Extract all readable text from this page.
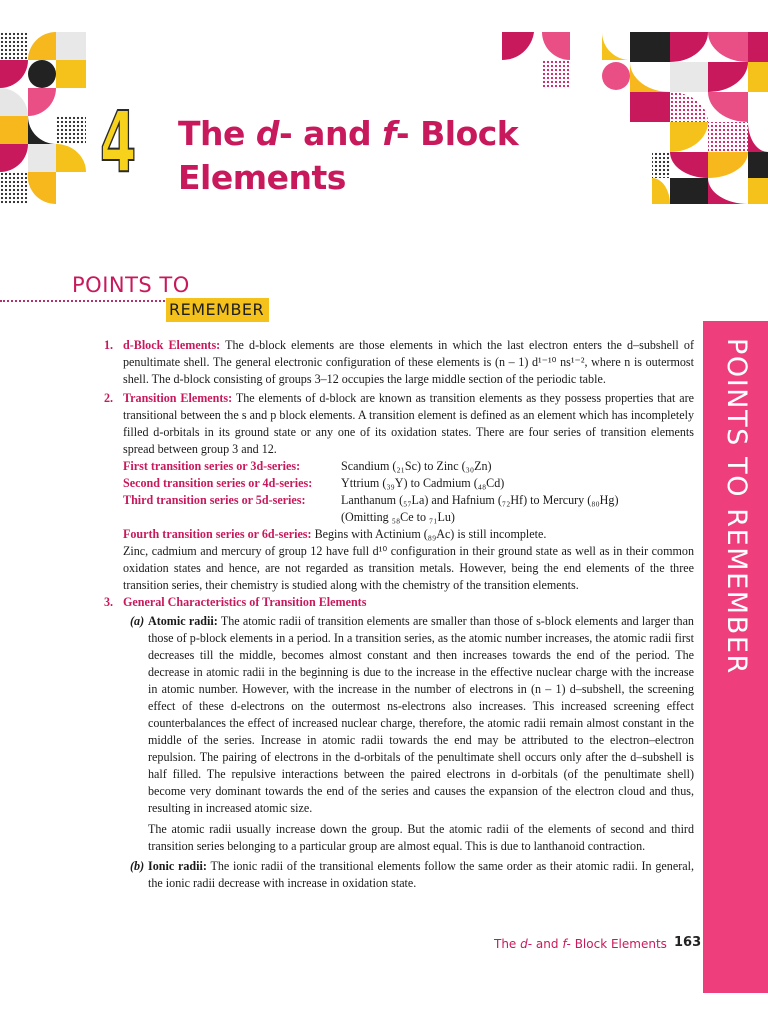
4 The d- and f- Block
Elements
POINTS TO
REMEMBER
POINTS TO REMEMBER
1. d-Block Elements: The d-block elements are those elements in which the last electron enters the d–subshell of penultimate shell. The general electronic configuration of these elements is (n – 1) d¹⁻¹⁰ ns¹⁻², where n is outermost shell. The d-block consisting of groups 3–12 occupies the large middle section of the periodic table.
2. Transition Elements: The elements of d-block are known as transition elements as they possess properties that are transitional between the s and p block elements. A transition element is defined as an element which has incompletely filled d-orbitals in its ground state or any one of its oxidation states. There are four series of transition elements spread between group 3 and 12.
First transition series or 3d-series:	Scandium (₂₁Sc) to Zinc (₃₀Zn)
Second transition series or 4d-series:	Yttrium (₃₉Y) to Cadmium (₄₈Cd)
Third transition series or 5d-series:	Lanthanum (₅₇La) and Hafnium (₇₂Hf) to Mercury (₈₀Hg)
(Omitting ₅₈Ce to ₇₁Lu)
Fourth transition series or 6d-series: Begins with Actinium (₈₉Ac) is still incomplete.
Zinc, cadmium and mercury of group 12 have full d¹⁰ configuration in their ground state as well as in their common oxidation states and hence, are not regarded as transition metals. However, being the end elements of the three transition series, their chemistry is studied along with the chemistry of the transition elements.
3. General Characteristics of Transition Elements
(a) Atomic radii: The atomic radii of transition elements are smaller than those of s-block elements and larger than those of p-block elements in a period. In a transition series, as the atomic number increases, the atomic radii first decreases till the middle, becomes almost constant and then increases towards the end of the period. The decrease in atomic radii in the beginning is due to the increase in the effective nuclear charge with the increase in atomic number. However, with the increase in the number of electrons in (n – 1) d–subshell, the screening effect of these d-electrons on the outermost ns-electrons also increases. This increased screening effect counterbalances the effect of increased nuclear charge, therefore, the atomic radii remain almost constant in the middle of the series. Increase in atomic radii towards the end may be attributed to the electron–electron repulsion. The pairing of electrons in the d-orbitals of the penultimate shell occurs only after the d–subshell is half filled. The repulsive interactions between the paired electrons in d-orbitals (of the penultimate shell) become very dominant towards the end of the series and causes the expansion of the electron cloud and thus, resulting in increased atomic size.
The atomic radii usually increase down the group. But the atomic radii of the elements of second and third transition series belonging to a particular group are almost equal. This is due to lanthanoid contraction.
(b) Ionic radii: The ionic radii of the transitional elements follow the same order as their atomic radii. In general, the ionic radii decrease with increase in oxidation state.
The d- and f- Block Elements 163
